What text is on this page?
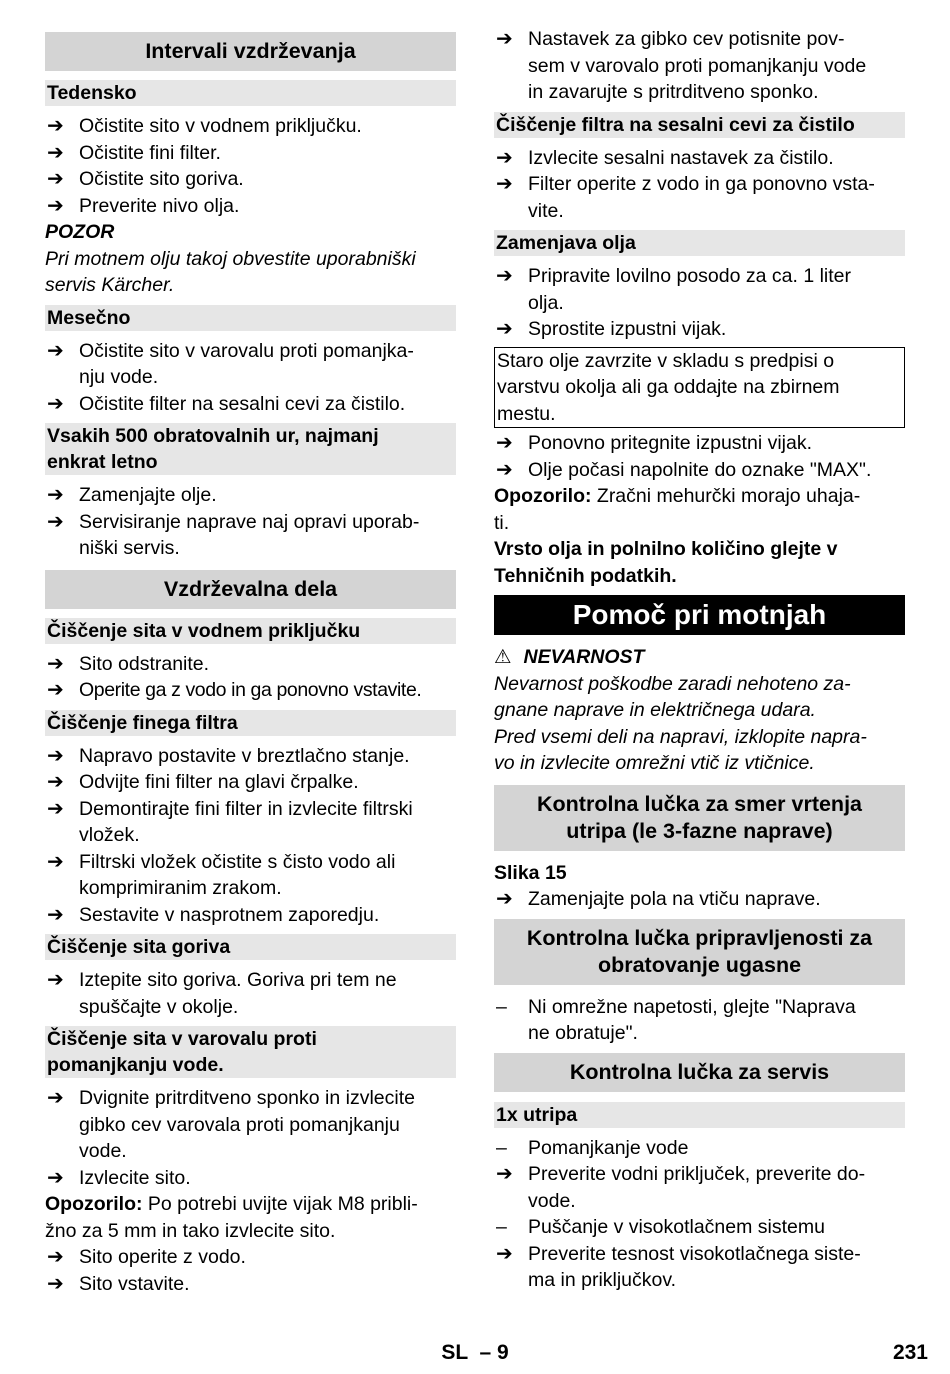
Intervali vzdrževanja
Tedensko
➔ Očistite sito v vodnem priključku.
➔ Očistite fini filter.
➔ Očistite sito goriva.
➔ Preverite nivo olja.
POZOR
Pri motnem olju takoj obvestite uporabniški
servis Kärcher.
Mesečno
➔ Očistite sito v varovalu proti pomanjka-
nju vode.
➔ Očistite filter na sesalni cevi za čistilo.
Vsakih 500 obratovalnih ur, najmanj
enkrat letno
➔ Zamenjajte olje.
➔ Servisiranje naprave naj opravi uporab-
niški servis.
Vzdrževalna dela
Čiščenje sita v vodnem priključku
➔ Sito odstranite.
➔ Operite ga z vodo in ga ponovno vstavite.
Čiščenje finega filtra
➔ Napravo postavite v breztlačno stanje.
➔ Odvijte fini filter na glavi črpalke.
➔ Demontirajte fini filter in izvlecite filtrski
vložek.
➔ Filtrski vložek očistite s čisto vodo ali
komprimiranim zrakom.
➔ Sestavite v nasprotnem zaporedju.
Čiščenje sita goriva
➔ Iztepite sito goriva. Goriva pri tem ne
spuščajte v okolje.
Čiščenje sita v varovalu proti
pomanjkanju vode.
➔ Dvignite pritrditveno sponko in izvlecite
gibko cev varovala proti pomanjkanju
vode.
➔ Izvlecite sito.
Opozorilo: Po potrebi uvijte vijak M8 pribli-
žno za 5 mm in tako izvlecite sito.
➔ Sito operite z vodo.
➔ Sito vstavite.
➔ Nastavek za gibko cev potisnite pov-
sem v varovalo proti pomanjkanju vode
in zavarujte s pritrditveno sponko.
Čiščenje filtra na sesalni cevi za čistilo
➔ Izvlecite sesalni nastavek za čistilo.
➔ Filter operite z vodo in ga ponovno vsta-
vite.
Zamenjava olja
➔ Pripravite lovilno posodo za ca. 1 liter
olja.
➔ Sprostite izpustni vijak.
Staro olje zavrzite v skladu s predpisi o
varstvu okolja ali ga oddajte na zbirnem
mestu.
➔ Ponovno pritegnite izpustni vijak.
➔ Olje počasi napolnite do oznake "MAX".
Opozorilo: Zračni mehurčki morajo uhaja-
ti.
Vrsto olja in polnilno količino glejte v
Tehničnih podatkih.
Pomoč pri motnjah
⚠ NEVARNOST
Nevarnost poškodbe zaradi nehoteno za-
gnane naprave in električnega udara.
Pred vsemi deli na napravi, izklopite napra-
vo in izvlecite omrežni vtič iz vtičnice.
Kontrolna lučka za smer vrtenja
utripa (le 3-fazne naprave)
Slika 15
➔ Zamenjajte pola na vtiču naprave.
Kontrolna lučka pripravljenosti za
obratovanje ugasne
–	Ni omrežne napetosti, glejte "Naprava
ne obratuje".
Kontrolna lučka za servis
1x utripa
–	Pomanjkanje vode
➔ Preverite vodni priključek, preverite do-
vode.
–	Puščanje v visokotlačnem sistemu
➔ Preverite tesnost visokotlačnega siste-
ma in priključkov.
SL  – 9	231
